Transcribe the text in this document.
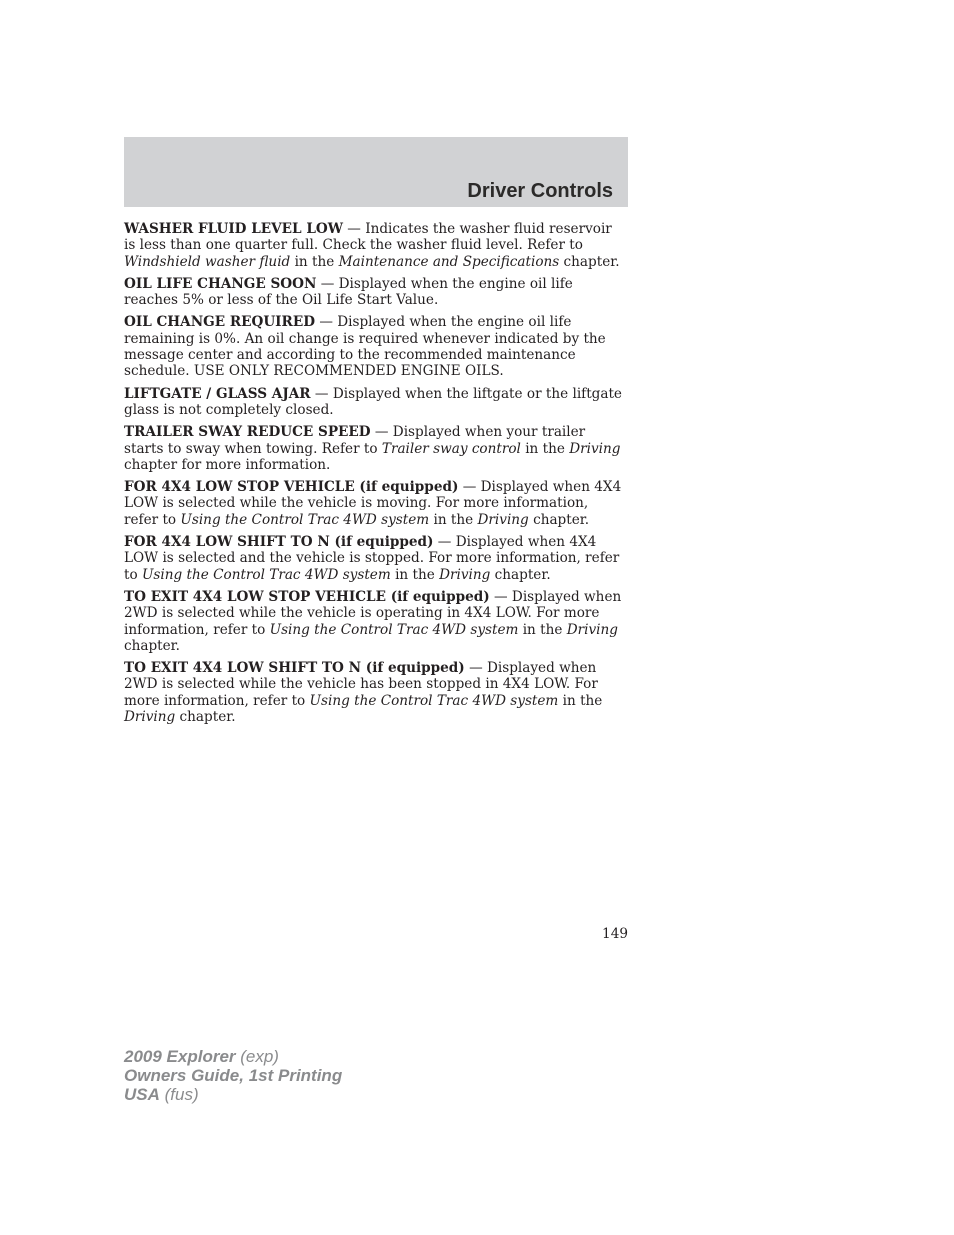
Driver Controls

WASHER FLUID LEVEL LOW — Indicates the washer fluid reservoir is less than one quarter full. Check the washer fluid level. Refer to Windshield washer fluid in the Maintenance and Specifications chapter.

OIL LIFE CHANGE SOON — Displayed when the engine oil life reaches 5% or less of the Oil Life Start Value.

OIL CHANGE REQUIRED — Displayed when the engine oil life remaining is 0%. An oil change is required whenever indicated by the message center and according to the recommended maintenance schedule. USE ONLY RECOMMENDED ENGINE OILS.

LIFTGATE / GLASS AJAR — Displayed when the liftgate or the liftgate glass is not completely closed.

TRAILER SWAY REDUCE SPEED — Displayed when your trailer starts to sway when towing. Refer to Trailer sway control in the Driving chapter for more information.

FOR 4X4 LOW STOP VEHICLE (if equipped) — Displayed when 4X4 LOW is selected while the vehicle is moving. For more information, refer to Using the Control Trac 4WD system in the Driving chapter.

FOR 4X4 LOW SHIFT TO N (if equipped) — Displayed when 4X4 LOW is selected and the vehicle is stopped. For more information, refer to Using the Control Trac 4WD system in the Driving chapter.

TO EXIT 4X4 LOW STOP VEHICLE (if equipped) — Displayed when 2WD is selected while the vehicle is operating in 4X4 LOW. For more information, refer to Using the Control Trac 4WD system in the Driving chapter.

TO EXIT 4X4 LOW SHIFT TO N (if equipped) — Displayed when 2WD is selected while the vehicle has been stopped in 4X4 LOW. For more information, refer to Using the Control Trac 4WD system in the Driving chapter.

149
2009 Explorer (exp)
Owners Guide, 1st Printing
USA (fus)
